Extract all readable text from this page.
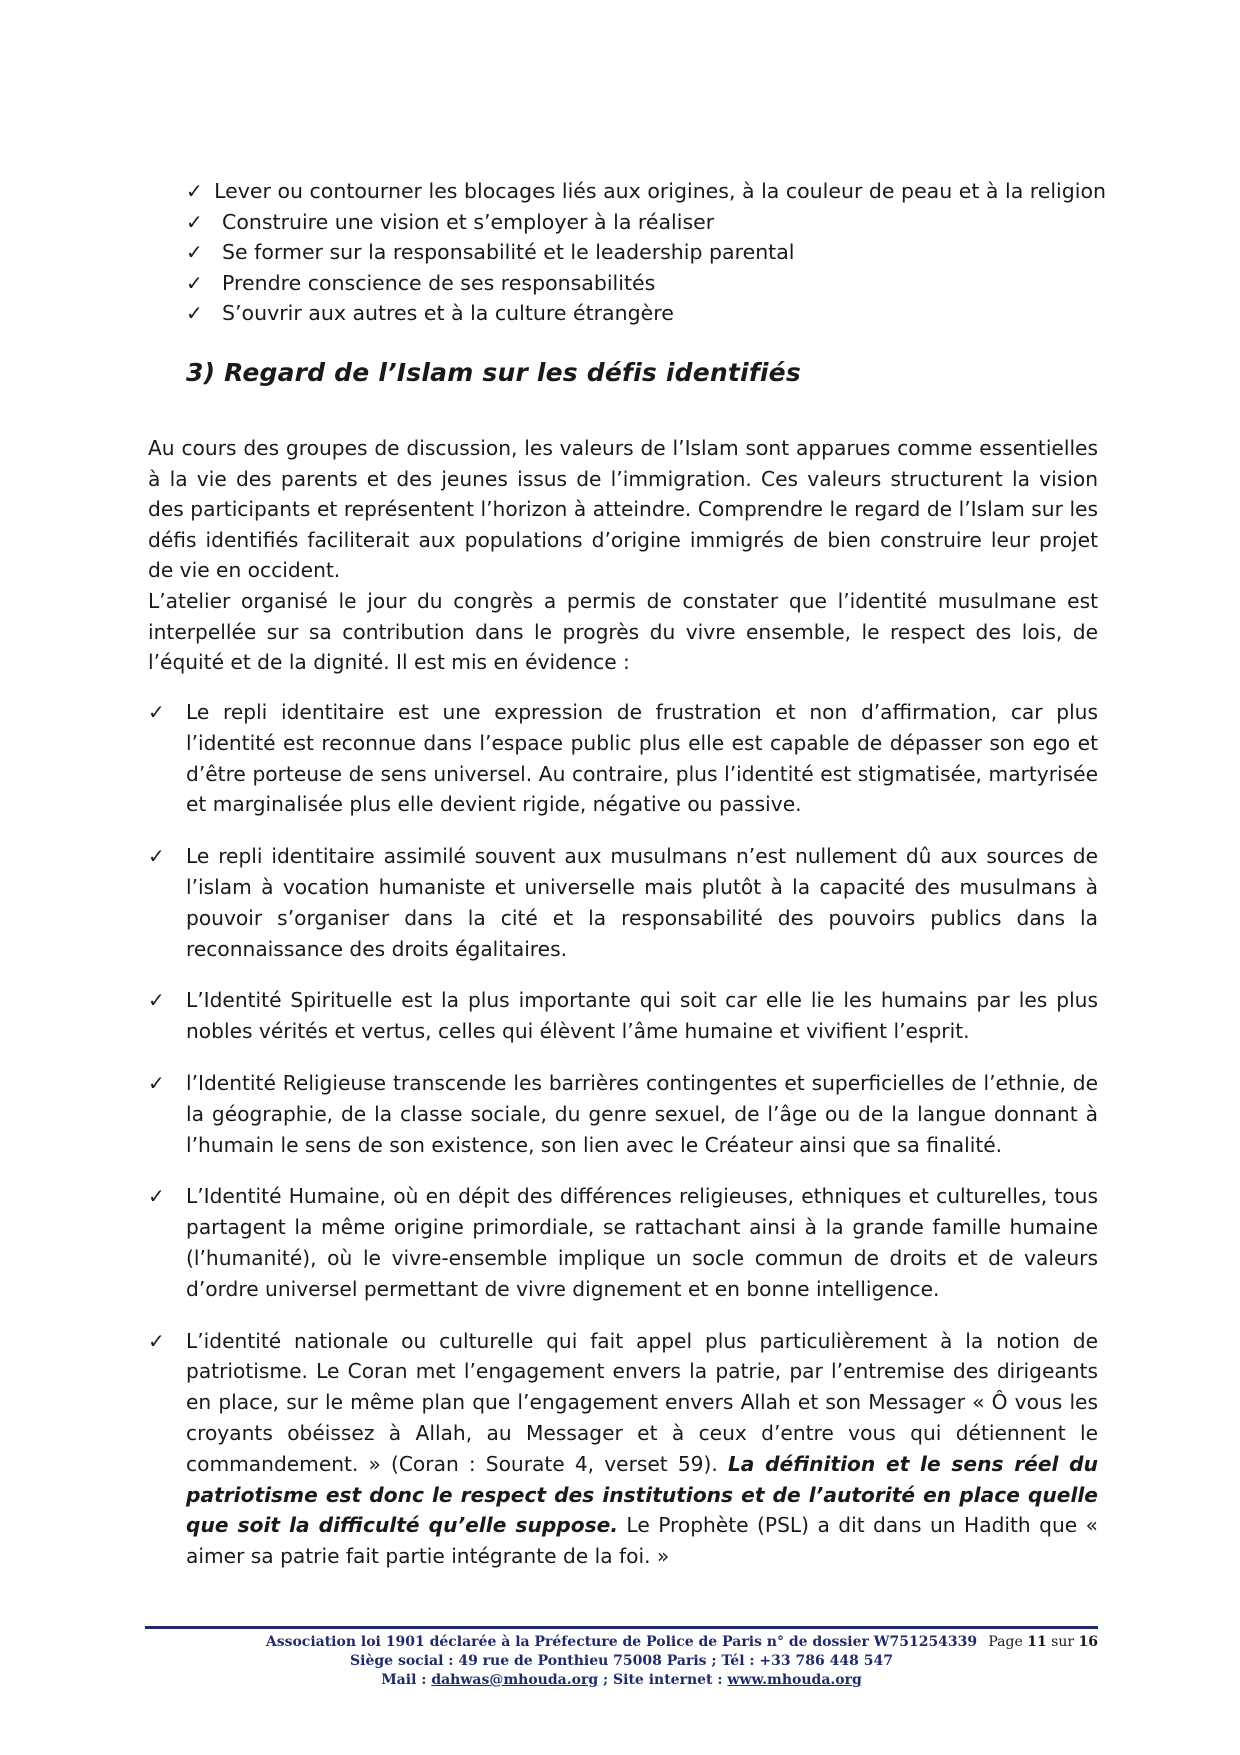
✓ Lever ou contourner les blocages liés aux origines, à la couleur de peau et à la religion
✓ Construire une vision et s’employer à la réaliser
✓ Se former sur la responsabilité et le leadership parental
✓ Prendre conscience de ses responsabilités
✓ S’ouvrir aux autres et à la culture étrangère
3) Regard de l’Islam sur les défis identifiés

Au cours des groupes de discussion, les valeurs de l’Islam sont apparues comme essentielles à la vie des parents et des jeunes issus de l’immigration. Ces valeurs structurent la vision des participants et représentent l’horizon à atteindre. Comprendre le regard de l’Islam sur les défis identifiés faciliterait aux populations d’origine immigrés de bien construire leur projet de vie en occident.

L’atelier organisé le jour du congrès a permis de constater que l’identité musulmane est interpellée sur sa contribution dans le progrès du vivre ensemble, le respect des lois, de l’équité et de la dignité. Il est mis en évidence :

✓	Le repli identitaire est une expression de frustration et non d’affirmation, car plus l’identité est reconnue dans l’espace public plus elle est capable de dépasser son ego et d’être porteuse de sens universel. Au contraire, plus l’identité est stigmatisée, martyrisée et marginalisée plus elle devient rigide, négative ou passive.
✓	Le repli identitaire assimilé souvent aux musulmans n’est nullement dû aux sources de l’islam à vocation humaniste et universelle mais plutôt à la capacité des musulmans à pouvoir s’organiser dans la cité et la responsabilité des pouvoirs publics dans la reconnaissance des droits égalitaires.
✓	L’Identité Spirituelle est la plus importante qui soit car elle lie les humains par les plus nobles vérités et vertus, celles qui élèvent l’âme humaine et vivifient l’esprit.
✓	l’Identité Religieuse transcende les barrières contingentes et superficielles de l’ethnie, de la géographie, de la classe sociale, du genre sexuel, de l’âge ou de la langue donnant à l’humain le sens de son existence, son lien avec le Créateur ainsi que sa finalité.
✓	L’Identité Humaine, où en dépit des différences religieuses, ethniques et culturelles, tous partagent la même origine primordiale, se rattachant ainsi à la grande famille humaine (l’humanité), où le vivre-ensemble implique un socle commun de droits et de valeurs d’ordre universel permettant de vivre dignement et en bonne intelligence.
✓	L’identité nationale ou culturelle qui fait appel plus particulièrement à la notion de patriotisme. Le Coran met l’engagement envers la patrie, par l’entremise des dirigeants en place, sur le même plan que l’engagement envers Allah et son Messager « Ô vous les croyants obéissez à Allah, au Messager et à ceux d’entre vous qui détiennent le commandement. » (Coran : Sourate 4, verset 59). La définition et le sens réel du patriotisme est donc le respect des institutions et de l’autorité en place quelle que soit la difficulté qu’elle suppose. Le Prophète (PSL) a dit dans un Hadith que « aimer sa patrie fait partie intégrante de la foi. »
Association loi 1901 déclarée à la Préfecture de Police de Paris n° de dossier W751254339 Page 11 sur 16
Siège social : 49 rue de Ponthieu 75008 Paris ; Tél : +33 786 448 547
Mail : dahwas@mhouda.org ; Site internet : www.mhouda.org
